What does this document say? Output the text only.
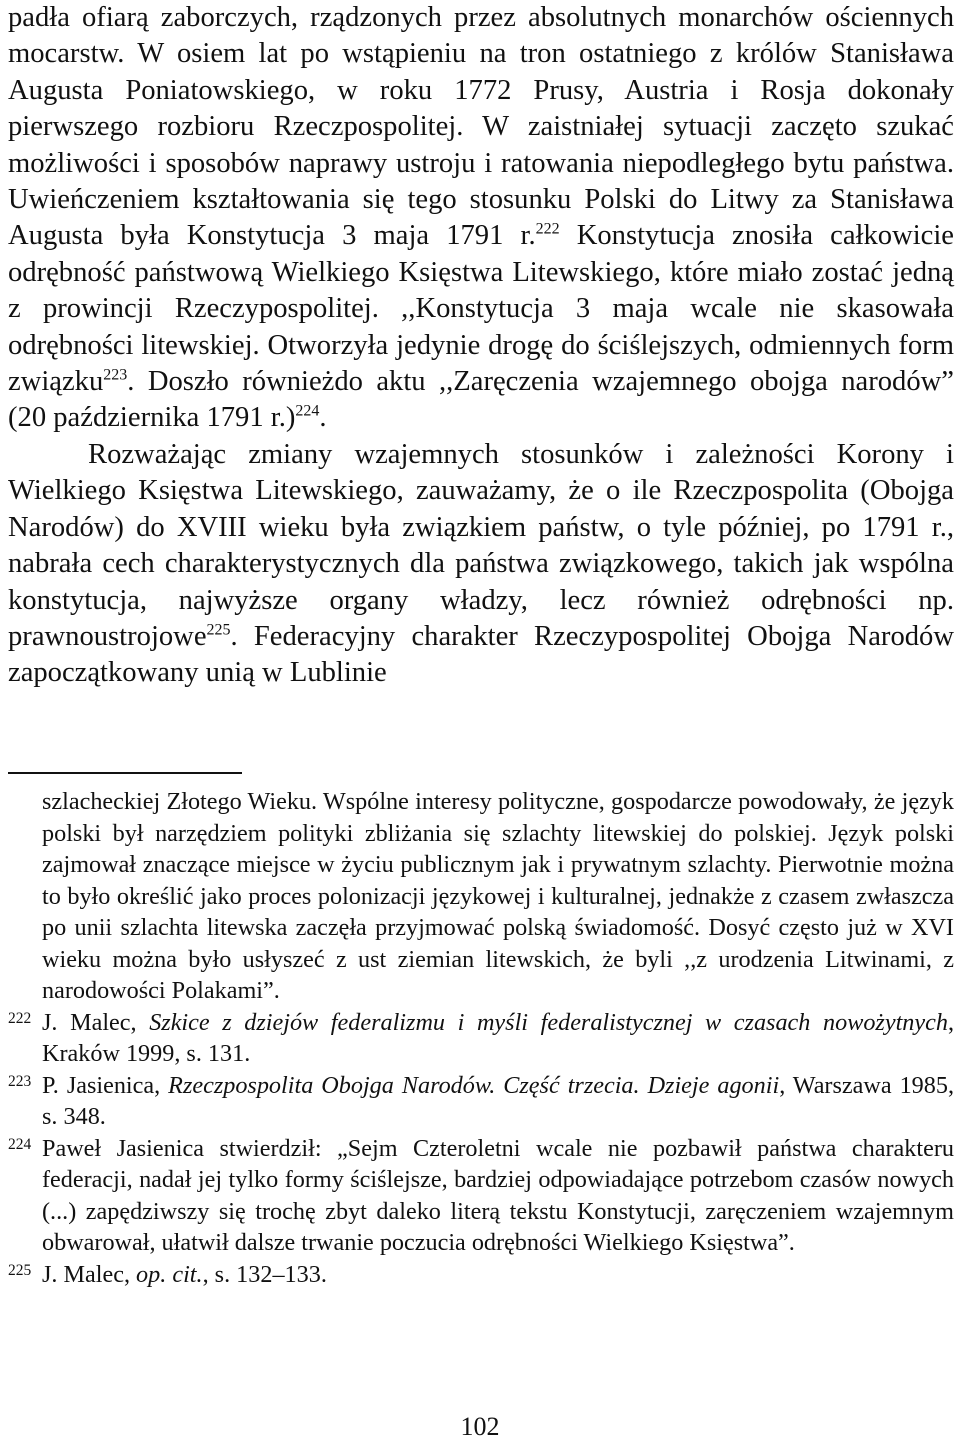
padła ofiarą zaborczych, rządzonych przez absolutnych monarchów ościennych mocarstw. W osiem lat po wstąpieniu na tron ostatniego z królów Stanisława Augusta Poniatowskiego, w roku 1772 Prusy, Austria i Rosja dokonały pierwszego rozbioru Rzeczpospolitej. W zaistniałej sytuacji zaczęto szukać możliwości i sposobów naprawy ustroju i ratowania niepodległego bytu państwa. Uwieńczeniem kształtowania się tego stosunku Polski do Litwy za Stanisława Augusta była Konstytucja 3 maja 1791 r.$^{222}$ Konstytucja znosiła całkowicie odrębność państwową Wielkiego Księstwa Litewskiego, które miało zostać jedną z prowincji Rzeczypospolitej. ,,Konstytucja 3 maja wcale nie skasowała odrębności litewskiej. Otworzyła jedynie drogę do ściślejszych, odmiennych form związku$^{223}$. Doszło równieżdo aktu ,,Zaręczenia wzajemnego obojga narodów” (20 października 1791 r.)$^{224}$.

Rozważając zmiany wzajemnych stosunków i zależności Korony i Wielkiego Księstwa Litewskiego, zauważamy, że o ile Rzeczpospolita (Obojga Narodów) do XVIII wieku była związkiem państw, o tyle później, po 1791 r., nabrała cech charakterystycznych dla państwa związkowego, takich jak wspólna konstytucja, najwyższe organy władzy, lecz również odrębności np. prawnoustrojowe$^{225}$. Federacyjny charakter Rzeczypospolitej Obojga Narodów zapoczątkowany unią w Lublinie

szlacheckiej Złotego Wieku. Wspólne interesy polityczne, gospodarcze powodowały, że język polski był narzędziem polityki zbliżania się szlachty litewskiej do polskiej. Język polski zajmował znaczące miejsce w życiu publicznym jak i prywatnym szlachty. Pierwotnie można to było określić jako proces polonizacji językowej i kulturalnej, jednakże z czasem zwłaszcza po unii szlachta litewska zaczęła przyjmować polską świadomość. Dosyć często już w XVI wieku można było usłyszeć z ust ziemian litewskich, że byli ,,z urodzenia Litwinami, z narodowości Polakami”.

222 J. Malec, Szkice z dziejów federalizmu i myśli federalistycznej w czasach nowożytnych, Kraków 1999, s. 131.

223 P. Jasienica, Rzeczpospolita Obojga Narodów. Część trzecia. Dzieje agonii, Warszawa 1985, s. 348.

224 Paweł Jasienica stwierdził: „Sejm Czteroletni wcale nie pozbawił państwa charakteru federacji, nadał jej tylko formy ściślejsze, bardziej odpowiadające potrzebom czasów nowych (...) zapędziwszy się trochę zbyt daleko literą tekstu Konstytucji, zaręczeniem wzajemnym obwarował, ułatwił dalsze trwanie poczucia odrębności Wielkiego Księstwa”.

225 J. Malec, op. cit., s. 132–133.

102
